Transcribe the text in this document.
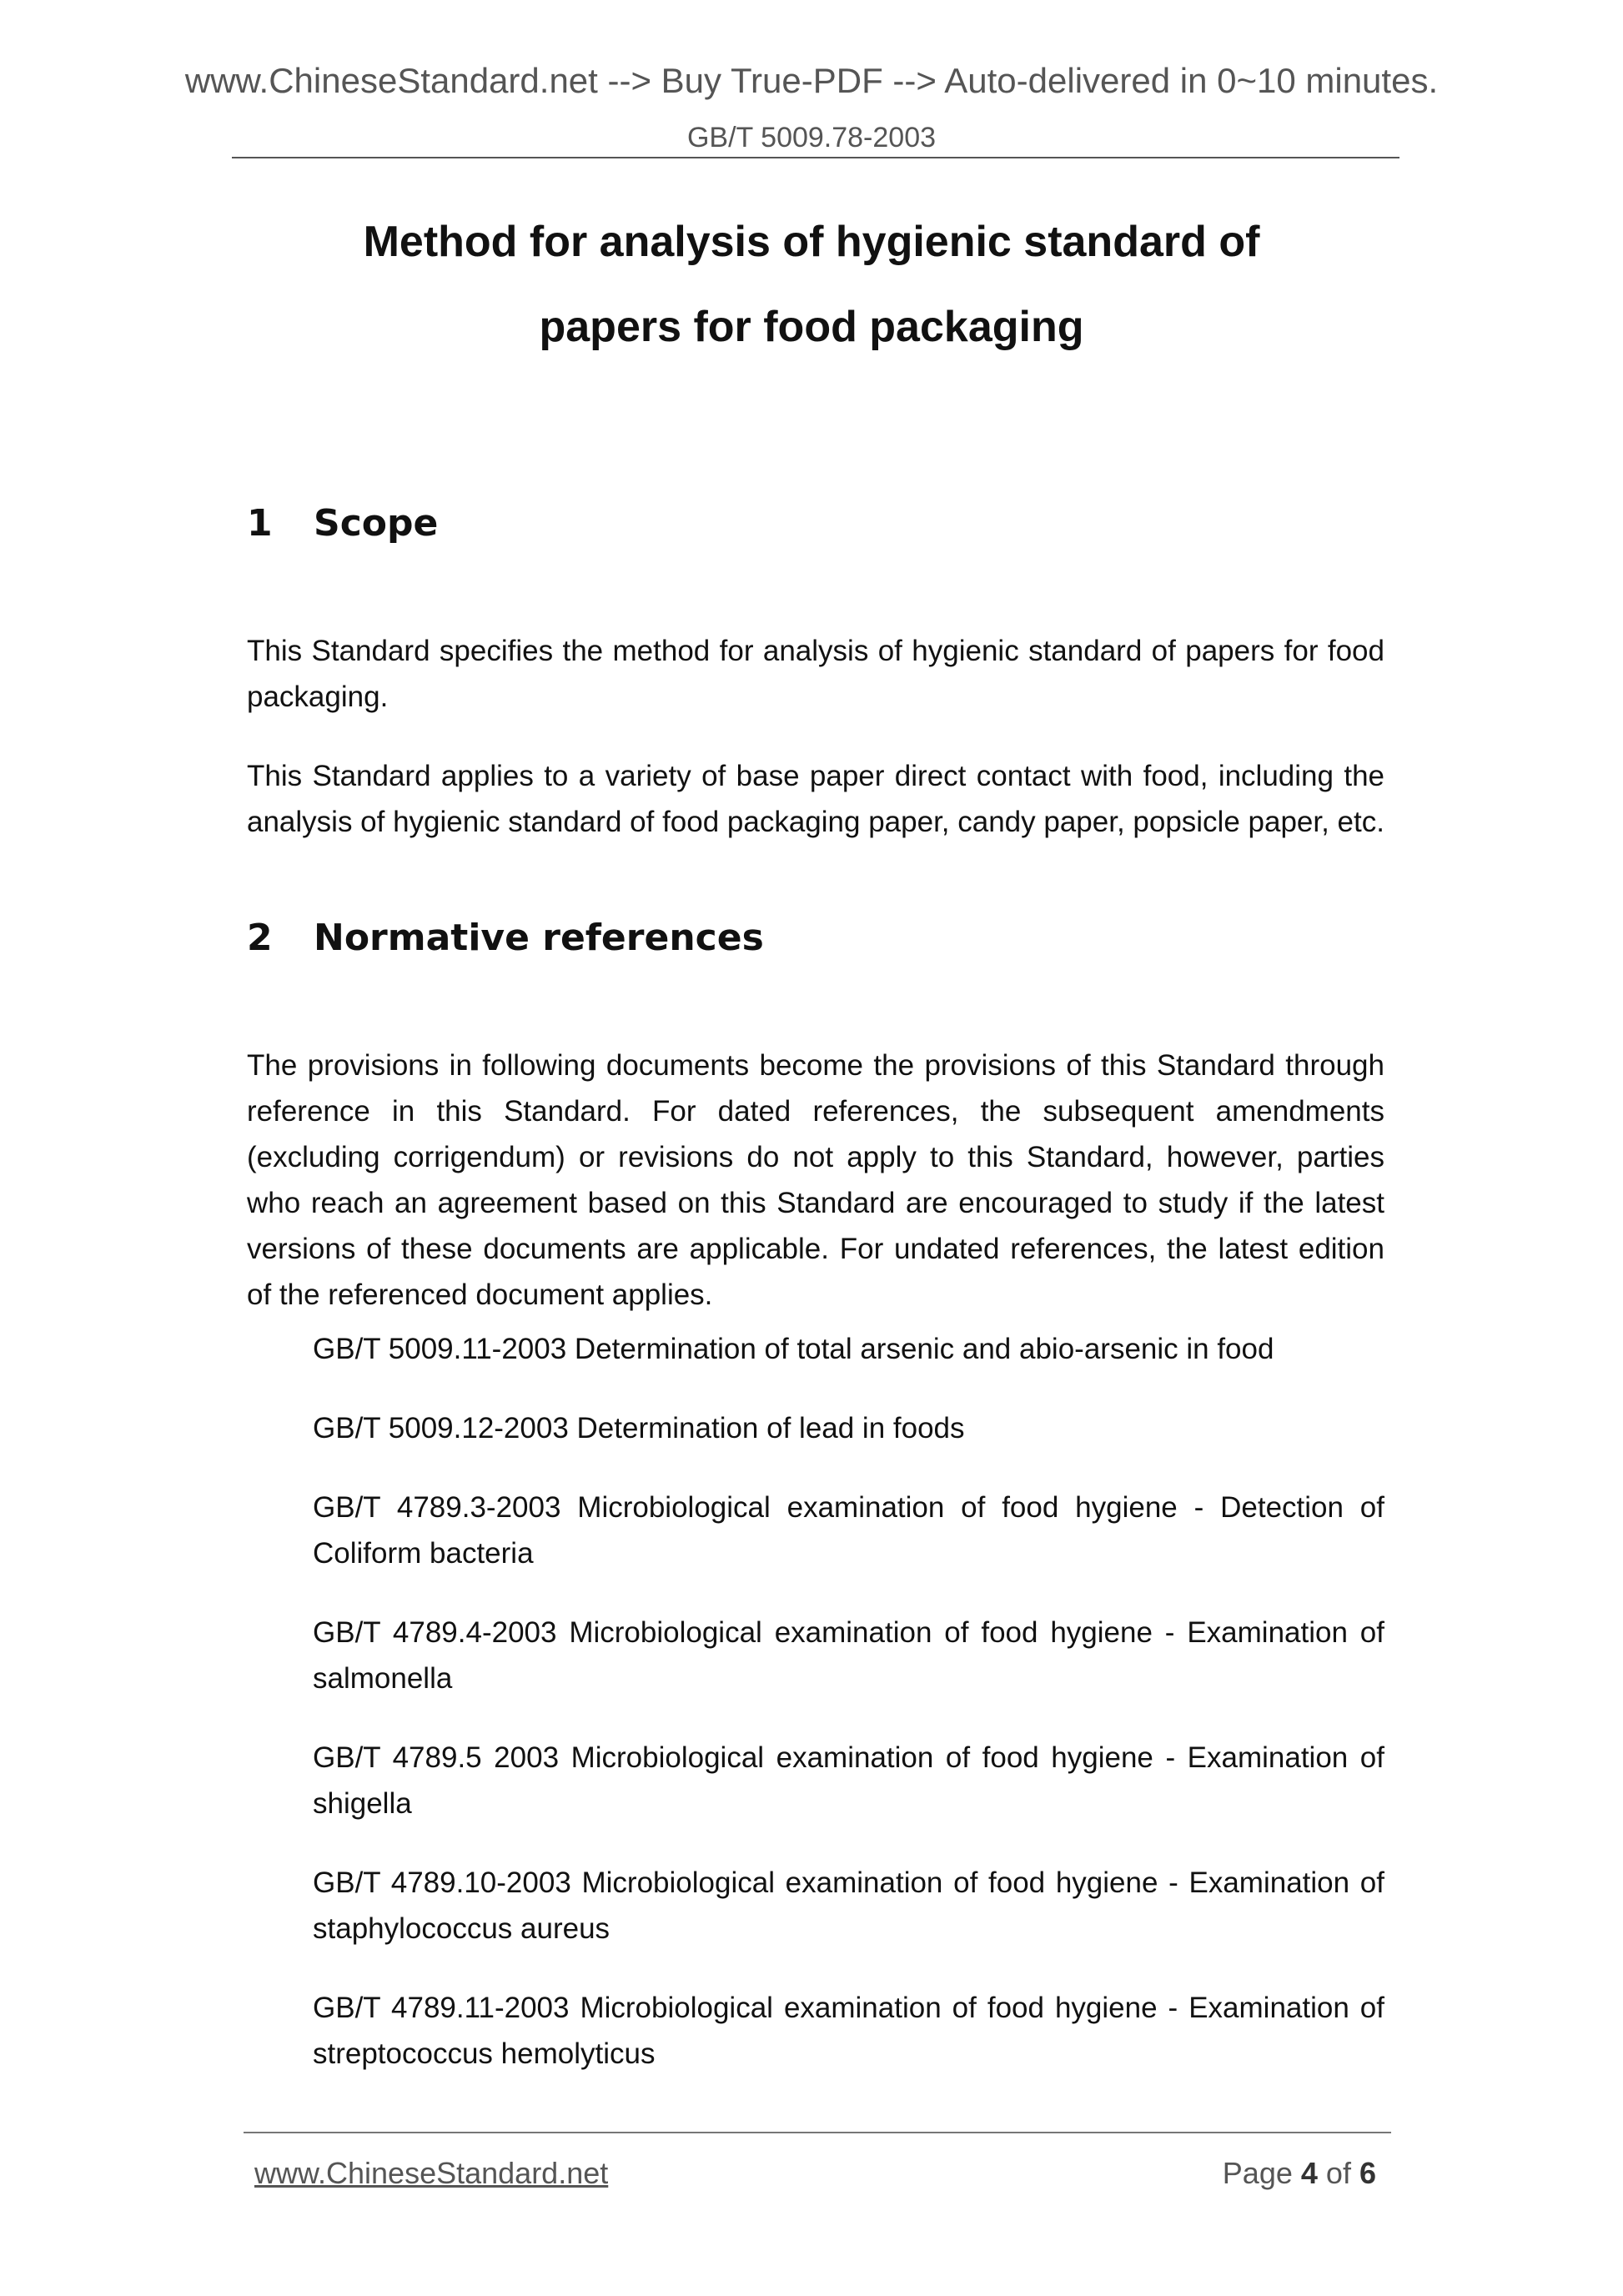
www.ChineseStandard.net --> Buy True-PDF --> Auto-delivered in 0~10 minutes.
GB/T 5009.78-2003
Method for analysis of hygienic standard of
papers for food packaging
1 Scope

This Standard specifies the method for analysis of hygienic standard of papers for food packaging.

This Standard applies to a variety of base paper direct contact with food, including the analysis of hygienic standard of food packaging paper, candy paper, popsicle paper, etc.

2 Normative references

The provisions in following documents become the provisions of this Standard through reference in this Standard. For dated references, the subsequent amendments (excluding corrigendum) or revisions do not apply to this Standard, however, parties who reach an agreement based on this Standard are encouraged to study if the latest versions of these documents are applicable. For undated references, the latest edition of the referenced document applies.

GB/T 5009.11-2003 Determination of total arsenic and abio-arsenic in food
GB/T 5009.12-2003 Determination of lead in foods
GB/T 4789.3-2003 Microbiological examination of food hygiene - Detection of Coliform bacteria
GB/T 4789.4-2003 Microbiological examination of food hygiene - Examination of salmonella
GB/T 4789.5 2003 Microbiological examination of food hygiene - Examination of shigella
GB/T 4789.10-2003 Microbiological examination of food hygiene - Examination of staphylococcus aureus
GB/T 4789.11-2003 Microbiological examination of food hygiene - Examination of streptococcus hemolyticus
www.ChineseStandard.net	Page 4 of 6
